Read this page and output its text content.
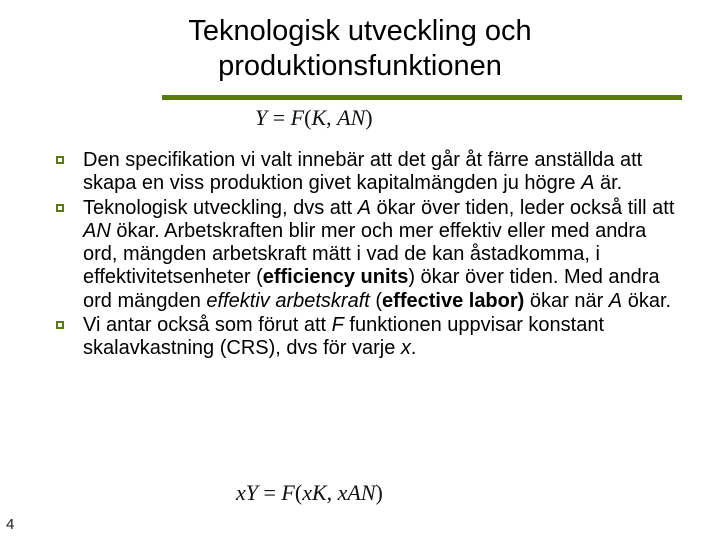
Teknologisk utveckling och
produktionsfunktionen
Y = F(K, AN)
Den specifikation vi valt innebär att det går åt färre anställda att skapa en viss produktion givet kapitalmängden ju högre A är.
Teknologisk utveckling, dvs att A ökar över tiden, leder också till att AN ökar. Arbetskraften blir mer och mer effektiv eller med andra ord, mängden arbetskraft mätt i vad de kan åstadkomma, i effektivitetsenheter (efficiency units) ökar över tiden. Med andra ord mängden effektiv arbetskraft (effective labor) ökar när A ökar.
Vi antar också som förut att F funktionen uppvisar konstant skalavkastning (CRS), dvs för varje x.
xY = F(xK, xAN)
4
